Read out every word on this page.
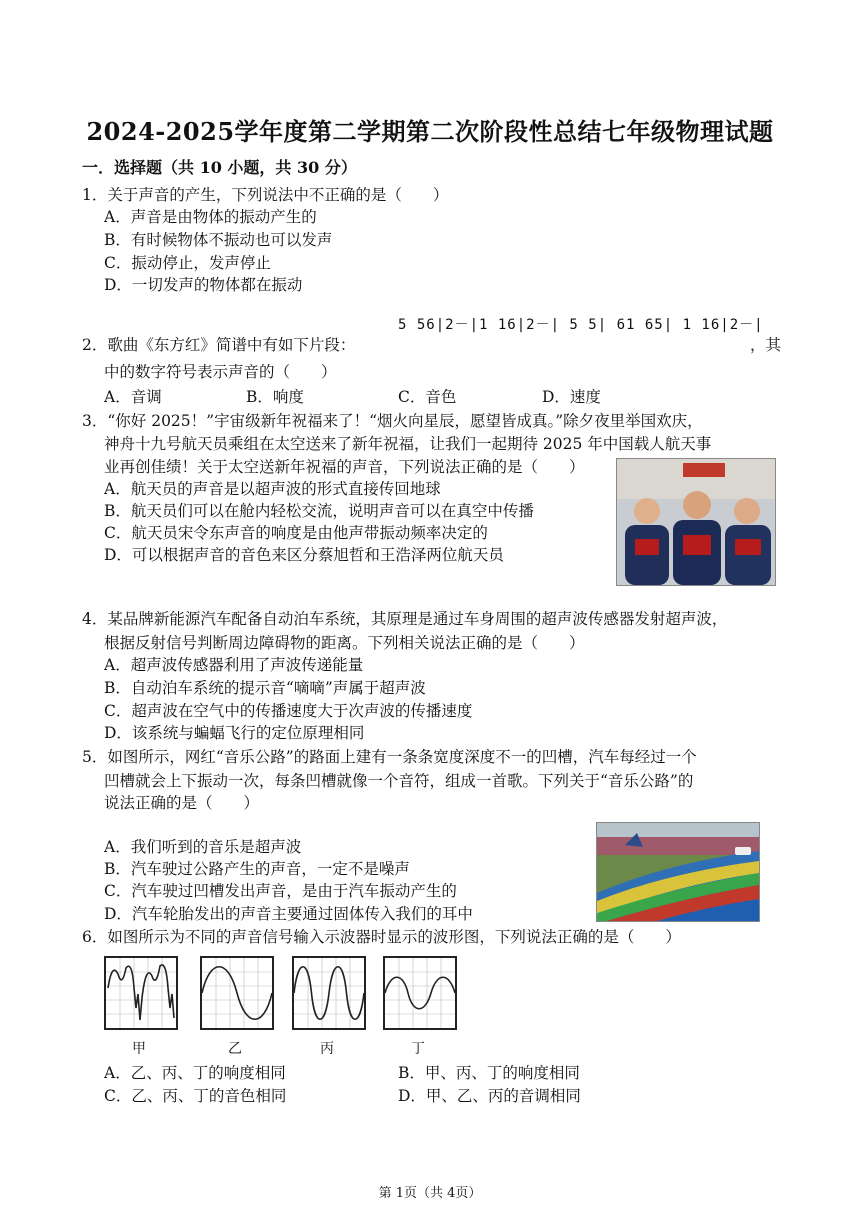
2024-2025学年度第二学期第二次阶段性总结七年级物理试题
一．选择题（共 10 小题，共 30 分）
1．关于声音的产生，下列说法中不正确的是（　　）
A．声音是由物体的振动产生的
B．有时候物体不振动也可以发声
C．振动停止，发声停止
D．一切发声的物体都在振动
5 56|2－|1 16|2－| 5 5| 61 65| 1 16|2－|
2．歌曲《东方红》简谱中有如下片段：	，其
中的数字符号表示声音的（　　）
A．音调	B．响度	C．音色	D．速度
3．“你好 2025！”宇宙级新年祝福来了！“烟火向星辰，愿望皆成真。”除夕夜里举国欢庆，
神舟十九号航天员乘组在太空送来了新年祝福，让我们一起期待 2025 年中国载人航天事
业再创佳绩！关于太空送新年祝福的声音，下列说法正确的是（　　）
A．航天员的声音是以超声波的形式直接传回地球
B．航天员们可以在舱内轻松交流，说明声音可以在真空中传播
C．航天员宋令东声音的响度是由他声带振动频率决定的
D．可以根据声音的音色来区分蔡旭哲和王浩泽两位航天员
4．某品牌新能源汽车配备自动泊车系统，其原理是通过车身周围的超声波传感器发射超声波，
根据反射信号判断周边障碍物的距离。下列相关说法正确的是（　　）
A．超声波传感器利用了声波传递能量
B．自动泊车系统的提示音“嘀嘀”声属于超声波
C．超声波在空气中的传播速度大于次声波的传播速度
D．该系统与蝙蝠飞行的定位原理相同
5．如图所示，网红“音乐公路”的路面上建有一条条宽度深度不一的凹槽，汽车每经过一个
凹槽就会上下振动一次，每条凹槽就像一个音符，组成一首歌。下列关于“音乐公路”的
说法正确的是（　　）
A．我们听到的音乐是超声波
B．汽车驶过公路产生的声音，一定不是噪声
C．汽车驶过凹槽发出声音，是由于汽车振动产生的
D．汽车轮胎发出的声音主要通过固体传入我们的耳中
6．如图所示为不同的声音信号输入示波器时显示的波形图，下列说法正确的是（　　）
甲	乙	丙	丁
A．乙、丙、丁的响度相同	B．甲、丙、丁的响度相同
C．乙、丙、丁的音色相同	D．甲、乙、丙的音调相同
第 1页（共 4页）
